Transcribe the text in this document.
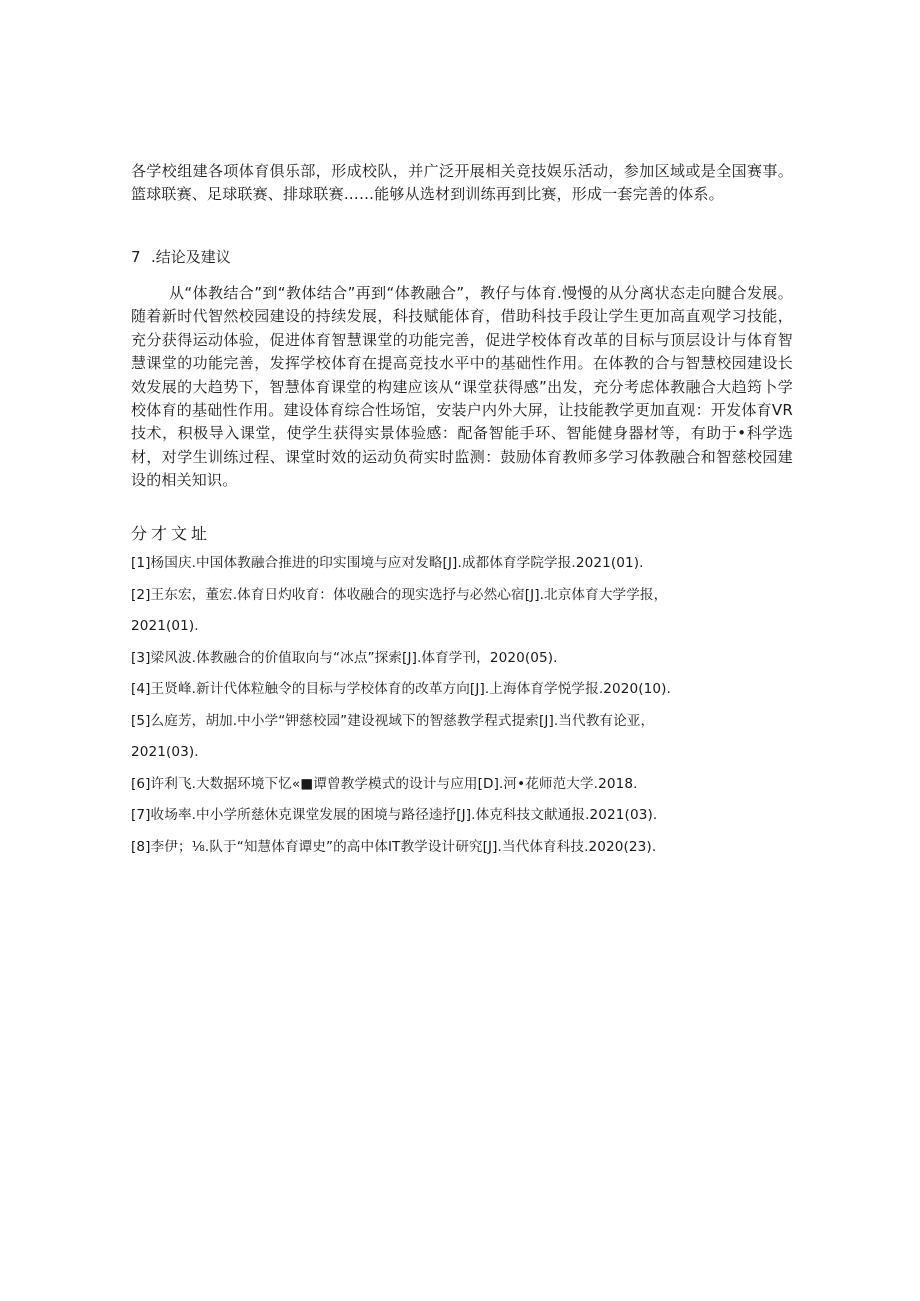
各学校组建各项体育俱乐部，形成校队，并广泛开展相关竞技娱乐活动，参加区域或是全国赛事。篮球联赛、足球联赛、排球联赛……能够从选材到训练再到比赛，形成一套完善的体系。

7 .结论及建议

从“体教结合”到“教体结合”再到“体教融合”，教仔与体育.慢慢的从分离状态走向腱合发展。随着新时代智然校园建设的持续发展，科技赋能体育，借助科技手段让学生更加高直观学习技能，充分获得运动体验，促进体育智慧课堂的功能完善，促进学校体育改革的目标与顶层设计与体育智慧课堂的功能完善，发挥学校体育在提高竞技水平中的基础性作用。在体教的合与智慧校园建设长效发展的大趋势下，智慧体育课堂的构建应该从“课堂获得感”出发，充分考虑体教融合大趋筠卜学校体育的基础性作用。建设体育综合性场馆，安装户内外大屏，让技能教学更加直观：开发体育VR技术，积极导入课堂，使学生获得实景体验感：配备智能手环、智能健身器材等，有助于•科学选材，对学生训练过程、课堂时效的运动负荷实时监测：鼓励体育教师多学习体教融合和智慈校园建设的相关知识。

分才文址
[1]杨国庆.中国体教融合推进的印实围境与应对发略[J].成都体育学院学报.2021(01).
[2]王东宏，董宏.体育日灼收育：体收融合的现实选抒与必然心宿[J].北京体育大学学报，
2021(01).
[3]梁风波.体教融合的价值取向与“冰点”探索[J].体育学刊，2020(05).
[4]王贤峰.新计代体粒触令的目标与学校体育的改革方向[J].上海体育学悦学报.2020(10).
[5]么庭芳，胡加.中小学“钾慈校园”建设视域下的智慈教学程式提索[J].当代教有论亚，
2021(03).
[6]许利飞.大数据环境下忆«■谭曾教学模式的设计与应用[D].河•花师范大学.2018.
[7]收场率.中小学所慈休克课堂发展的困境与路径逵抒[J].体克科技文献通报.2021(03).
[8]李伊；⅛.队于“知慧体育谭史”的高中体IT教学设计研究[J].当代体育科技.2020(23).
